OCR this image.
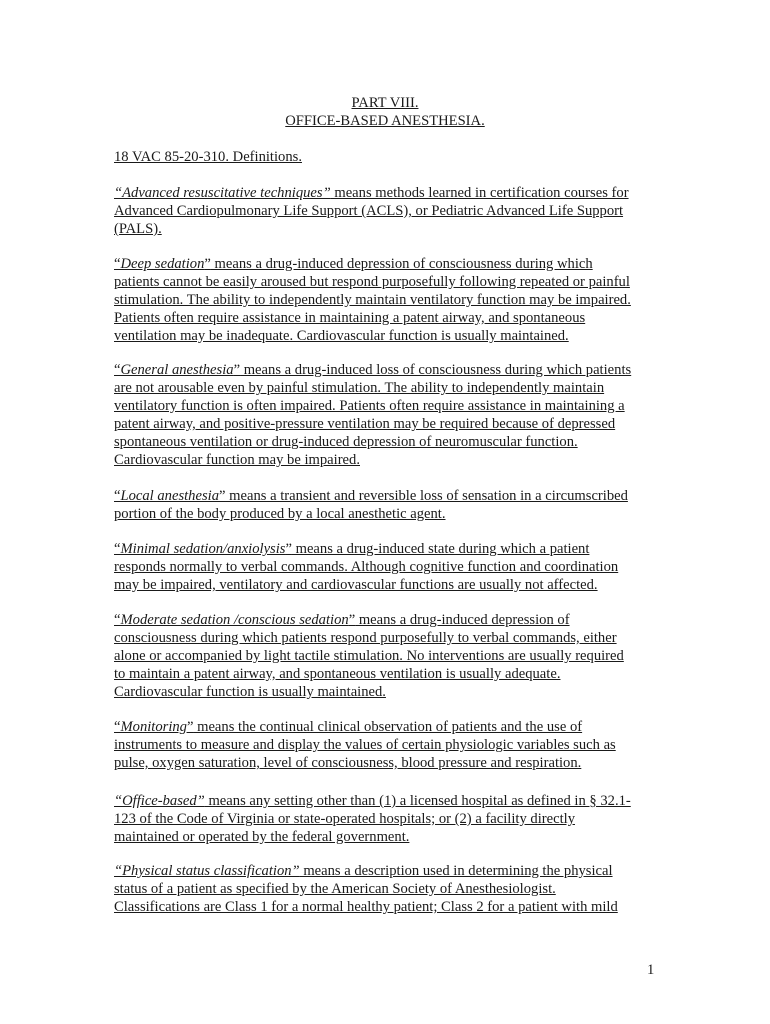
PART VIII.
OFFICE-BASED ANESTHESIA.
18 VAC 85-20-310. Definitions.
“Advanced resuscitative techniques” means methods learned in certification courses for
Advanced Cardiopulmonary Life Support (ACLS), or Pediatric Advanced Life Support
(PALS).
“Deep sedation” means a drug-induced depression of consciousness during which
patients cannot be easily aroused but respond purposefully following repeated or painful
stimulation. The ability to independently maintain ventilatory function may be impaired.
Patients often require assistance in maintaining a patent airway, and spontaneous
ventilation may be inadequate. Cardiovascular function is usually maintained.
“General anesthesia” means a drug-induced loss of consciousness during which patients
are not arousable even by painful stimulation. The ability to independently maintain
ventilatory function is often impaired. Patients often require assistance in maintaining a
patent airway, and positive-pressure ventilation may be required because of depressed
spontaneous ventilation or drug-induced depression of neuromuscular function.
Cardiovascular function may be impaired.
“Local anesthesia” means a transient and reversible loss of sensation in a circumscribed
portion of the body produced by a local anesthetic agent.
“Minimal sedation/anxiolysis” means a drug-induced state during which a patient
responds normally to verbal commands. Although cognitive function and coordination
may be impaired, ventilatory and cardiovascular functions are usually not affected.
“Moderate sedation /conscious sedation” means a drug-induced depression of
consciousness during which patients respond purposefully to verbal commands, either
alone or accompanied by light tactile stimulation. No interventions are usually required
to maintain a patent airway, and spontaneous ventilation is usually adequate.
Cardiovascular function is usually maintained.
“Monitoring” means the continual clinical observation of patients and the use of
instruments to measure and display the values of certain physiologic variables such as
pulse, oxygen saturation, level of consciousness, blood pressure and respiration.
“Office-based” means any setting other than (1) a licensed hospital as defined in § 32.1-
123 of the Code of Virginia or state-operated hospitals; or (2) a facility directly
maintained or operated by the federal government.
“Physical status classification” means a description used in determining the physical
status of a patient as specified by the American Society of Anesthesiologist.
Classifications are Class 1 for a normal healthy patient; Class 2 for a patient with mild
1
